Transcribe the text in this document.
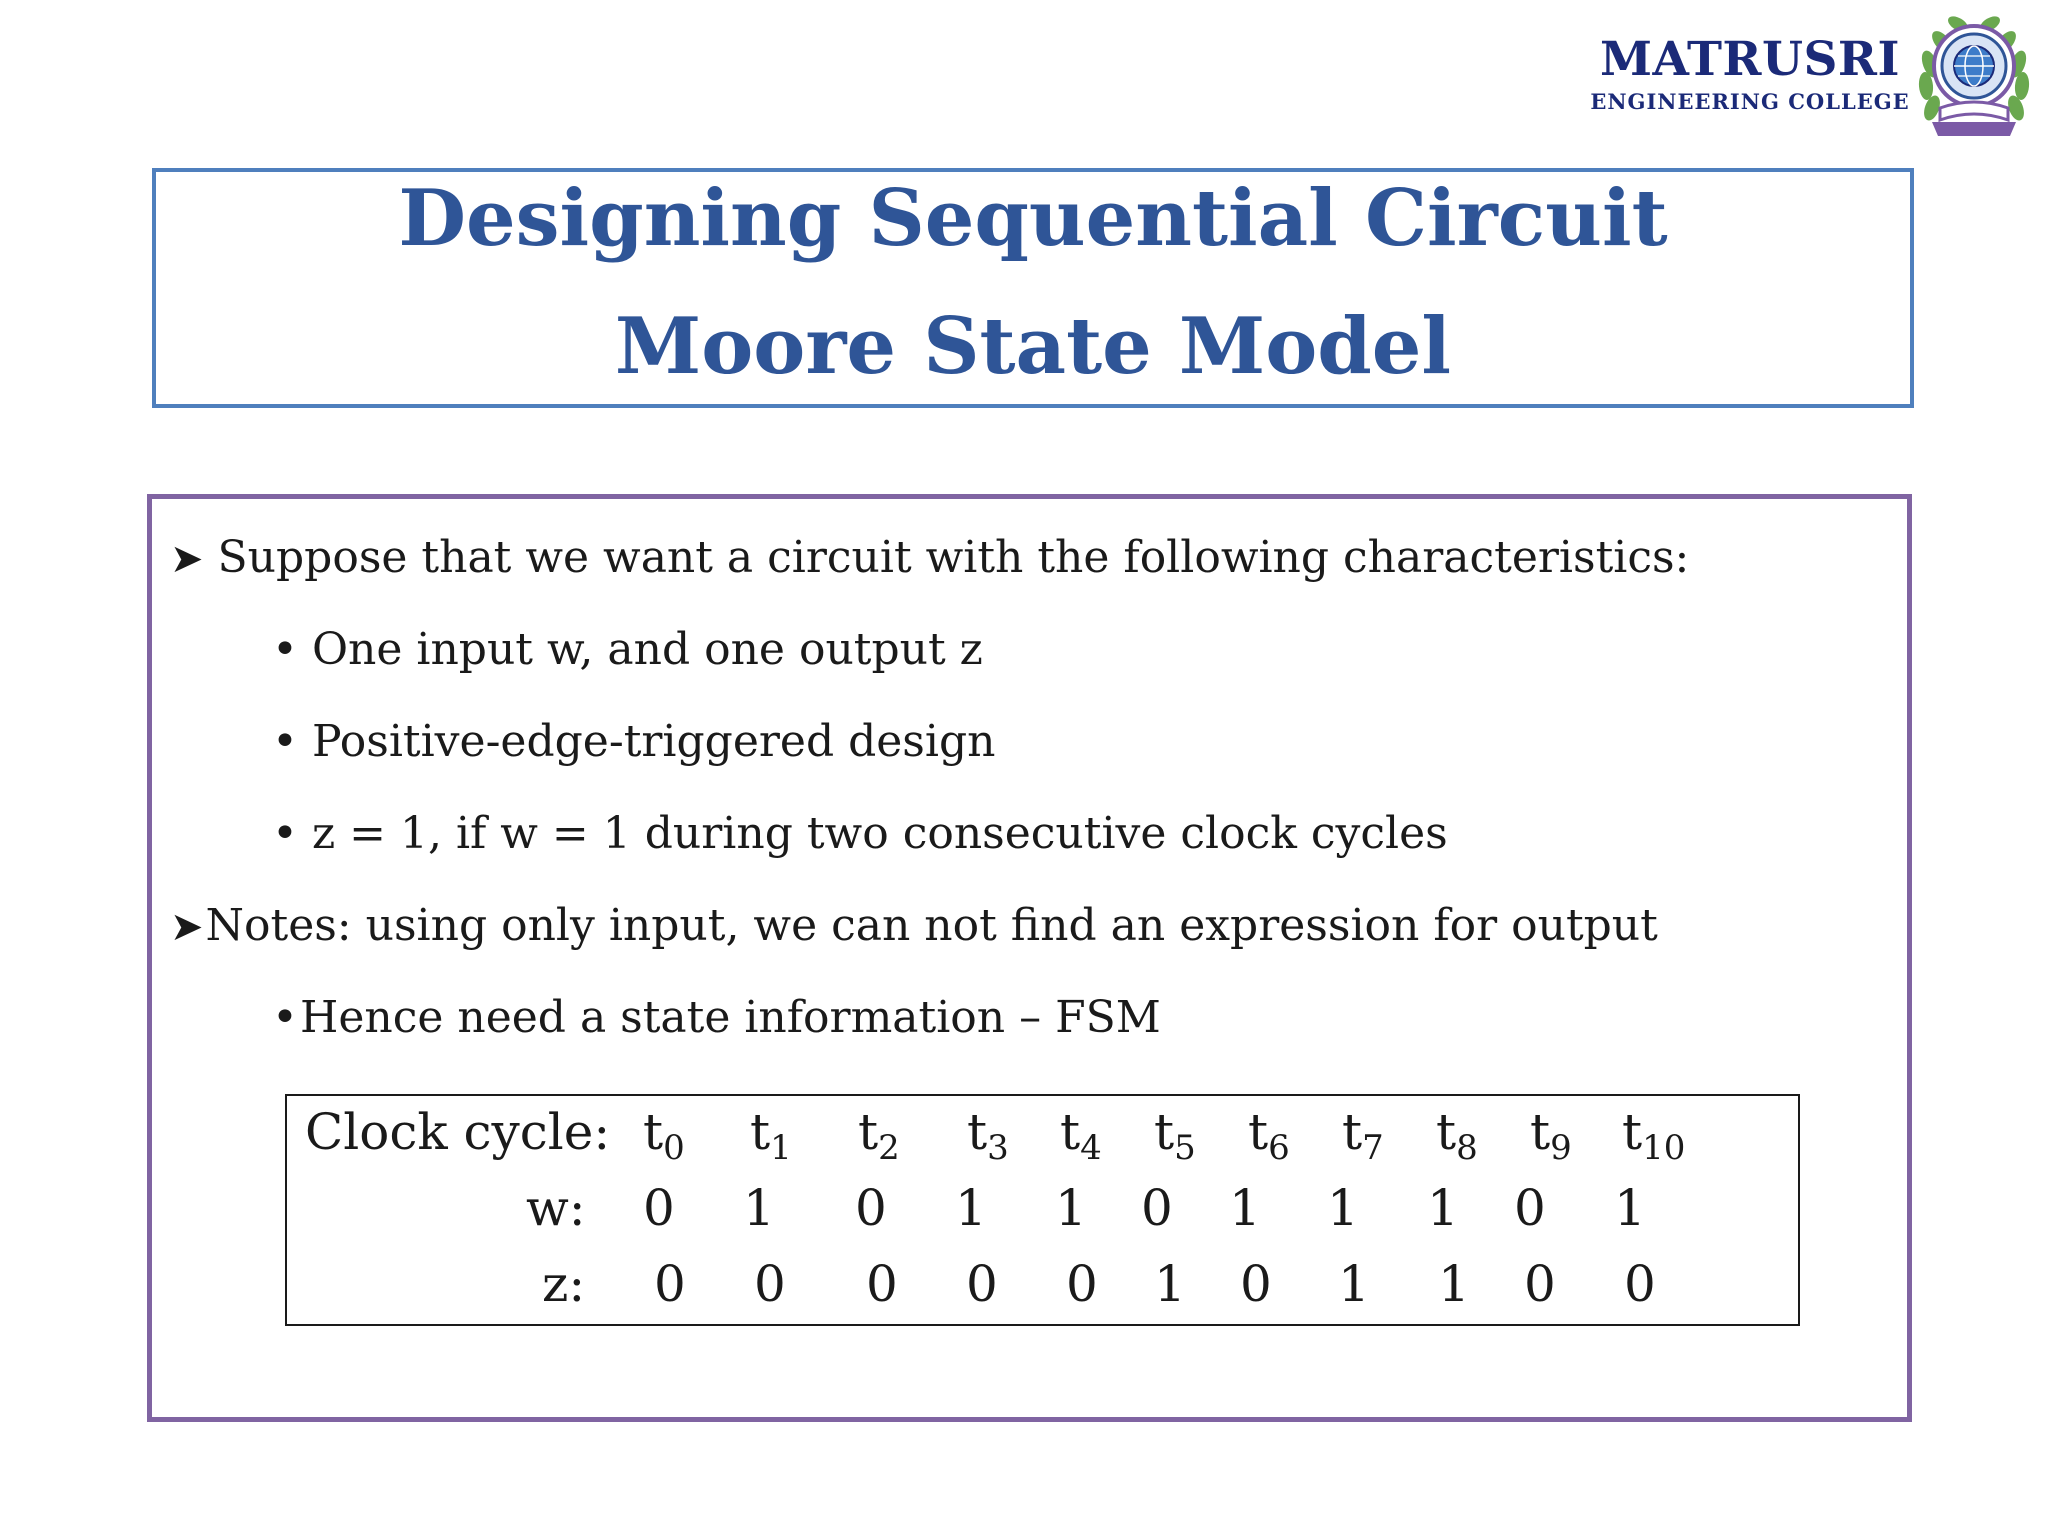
MATRUSRI
ENGINEERING COLLEGE
Designing Sequential Circuit
Moore State Model
➤ Suppose that we want a circuit with the following characteristics:
• One input w, and one output z
• Positive-edge-triggered design
• z = 1, if w = 1 during two consecutive clock cycles
➤Notes: using only input, we can not find an expression for output
•Hence need a state information – FSM
Clock cycle:
w:
z:
$t_0$
0
0
$t_1$
1
0
$t_2$
0
0
$t_3$
1
0
$t_4$
1
0
$t_5$
0
1
$t_6$
1
0
$t_7$
1
1
$t_8$
1
1
$t_9$
0
0
$t_{10}$
1
0
